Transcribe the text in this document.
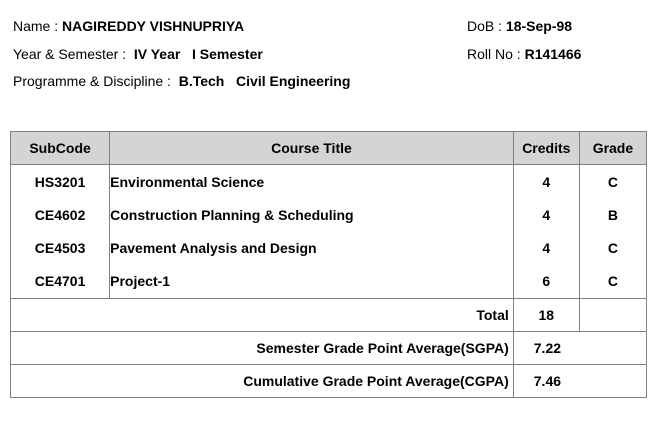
Name : NAGIREDDY VISHNUPRIYA
Year & Semester : IV Year I Semester
Programme & Discipline : B.Tech Civil Engineering
DoB : 18-Sep-98
Roll No : R141466
SubCode	Course Title	Credits	Grade
HS3201	Environmental Science	4	C
CE4602	Construction Planning & Scheduling	4	B
CE4503	Pavement Analysis and Design	4	C
CE4701	Project-1	6	C
Total		18	
Semester Grade Point Average(SGPA)		7.22	
Cumulative Grade Point Average(CGPA)		7.46	
